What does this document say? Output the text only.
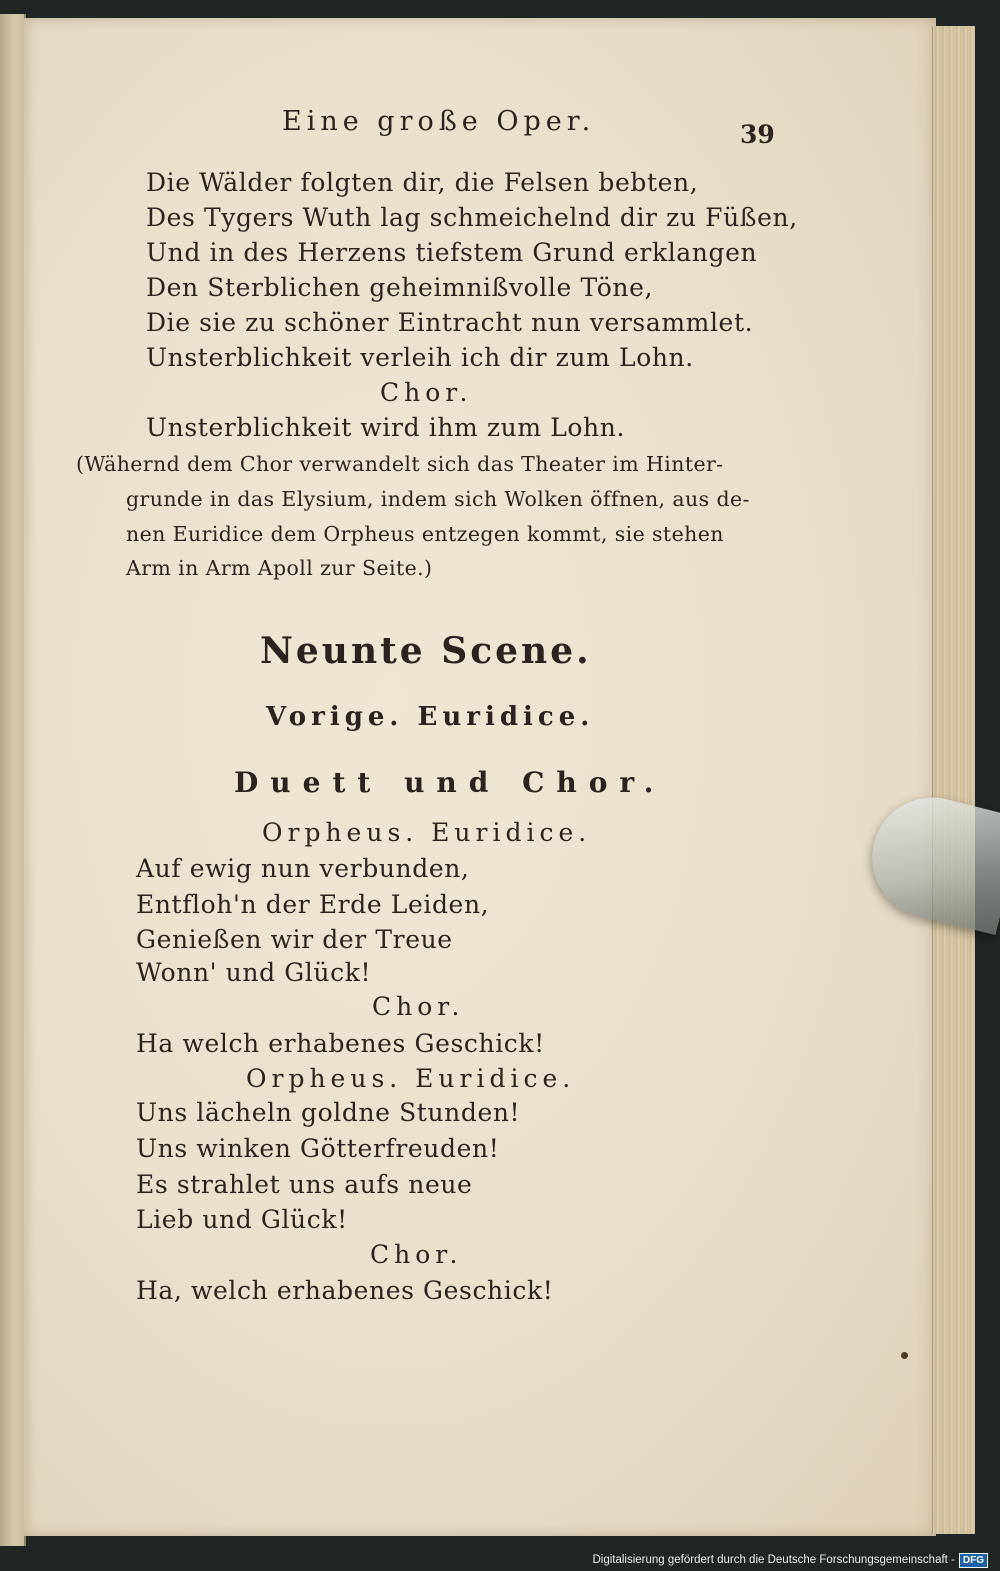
Eine große Oper.	39
Die Wälder folgten dir, die Felsen bebten,
Des Tygers Wuth lag schmeichelnd dir zu Füßen,
Und in des Herzens tiefstem Grund erklangen
Den Sterblichen geheimnißvolle Töne,
Die sie zu schöner Eintracht nun versammlet.
Unsterblichkeit verleih ich dir zum Lohn.
Chor.
Unsterblichkeit wird ihm zum Lohn.
(Wähernd dem Chor verwandelt sich das Theater im Hinter-
grunde in das Elysium, indem sich Wolken öffnen, aus de-
nen Euridice dem Orpheus entzegen kommt, sie stehen
Arm in Arm Apoll zur Seite.)
Neunte Scene.
Vorige. Euridice.
Duett und Chor.
Orpheus. Euridice.
Auf ewig nun verbunden,
Entfloh'n der Erde Leiden,
Genießen wir der Treue
Wonn' und Glück!
Chor.
Ha welch erhabenes Geschick!
Orpheus. Euridice.
Uns lächeln goldne Stunden!
Uns winken Götterfreuden!
Es strahlet uns aufs neue
Lieb und Glück!
Chor.
Ha, welch erhabenes Geschick!
Digitalisierung gefördert durch die Deutsche Forschungsgemeinschaft - DFG
